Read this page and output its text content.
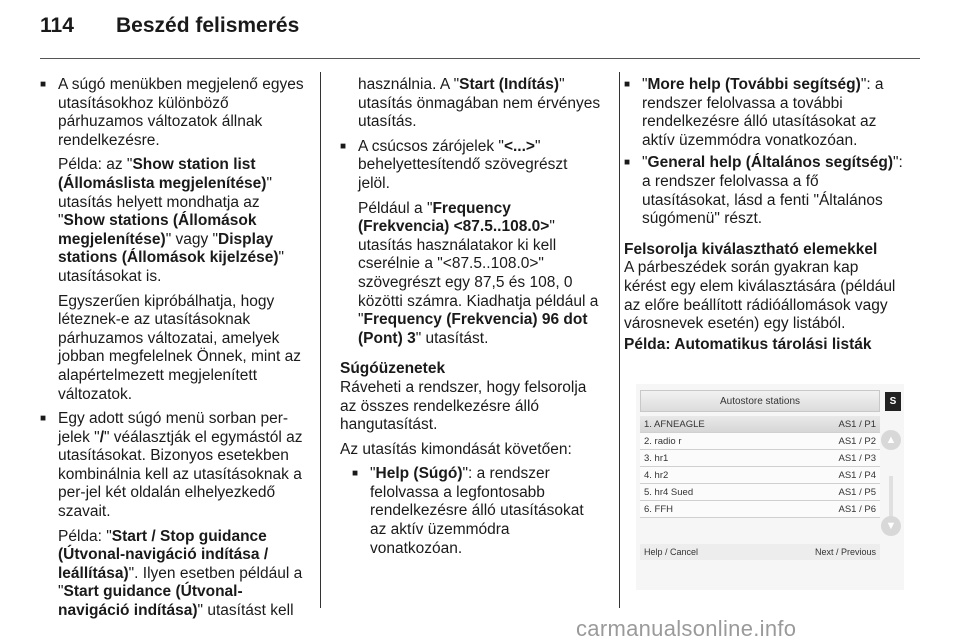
114	Beszéd felismerés
■ A súgó menükben megjelenő egyes utasításokhoz különböző párhuzamos változatok állnak rendelkezésre.
Példa: az "Show station list (Állomáslista megjelenítése)" utasítás helyett mondhatja az "Show stations (Állomások megjelenítése)" vagy "Display stations (Állomások kijelzése)" utasításokat is.
Egyszerűen kipróbálhatja, hogy léteznek-e az utasításoknak párhuzamos változatai, amelyek jobban megfelelnek Önnek, mint az alapértelmezett megjelenített változatok.
■ Egy adott súgó menü sorban per-jelek "/" véálasztják el egymástól az utasításokat. Bizonyos esetekben kombinálnia kell az utasításoknak a per-jel két oldalán elhelyezkedő szavait.
Példa: "Start / Stop guidance (Útvonal-navigáció indítása / leállítása)". Ilyen esetben például a "Start guidance (Útvonal-navigáció indítása)" utasítást kell
használnia. A "Start (Indítás)" utasítás önmagában nem érvényes utasítás.
■ A csúcsos zárójelek "<...>" behelyettesítendő szövegrészt jelöl.
Például a "Frequency (Frekvencia) <87.5..108.0>" utasítás használatakor ki kell cserélnie a "<87.5..108.0>" szövegrészt egy 87,5 és 108, 0 közötti számra. Kiadhatja például a "Frequency (Frekvencia) 96 dot (Pont) 3" utasítást.
Súgóüzenetek
Ráveheti a rendszer, hogy felsorolja az összes rendelkezésre álló hangutasítást.
Az utasítás kimondását követően:
■ "Help (Súgó)": a rendszer felolvassa a legfontosabb rendelkezésre álló utasításokat az aktív üzemmódra vonatkozóan.
■ "More help (További segítség)": a rendszer felolvassa a további rendelkezésre álló utasításokat az aktív üzemmódra vonatkozóan.
■ "General help (Általános segítség)": a rendszer felolvassa a fő utasításokat, lásd a fenti "Általános súgómenü" részt.
Felsorolja kiválasztható elemekkel
A párbeszédek során gyakran kap kérést egy elem kiválasztására (például az előre beállított rádióállomások vagy városnevek esetén) egy listából.
Példa: Automatikus tárolási listák
Autostore stations	S
1. AFNEAGLE	AS1 / P1
2. radio r	AS1 / P2
3. hr1	AS1 / P3
4. hr2	AS1 / P4
5. hr4 Sued	AS1 / P5
6. FFH	AS1 / P6
Help / Cancel	Next / Previous
▲
▼
carmanualsonline.info
